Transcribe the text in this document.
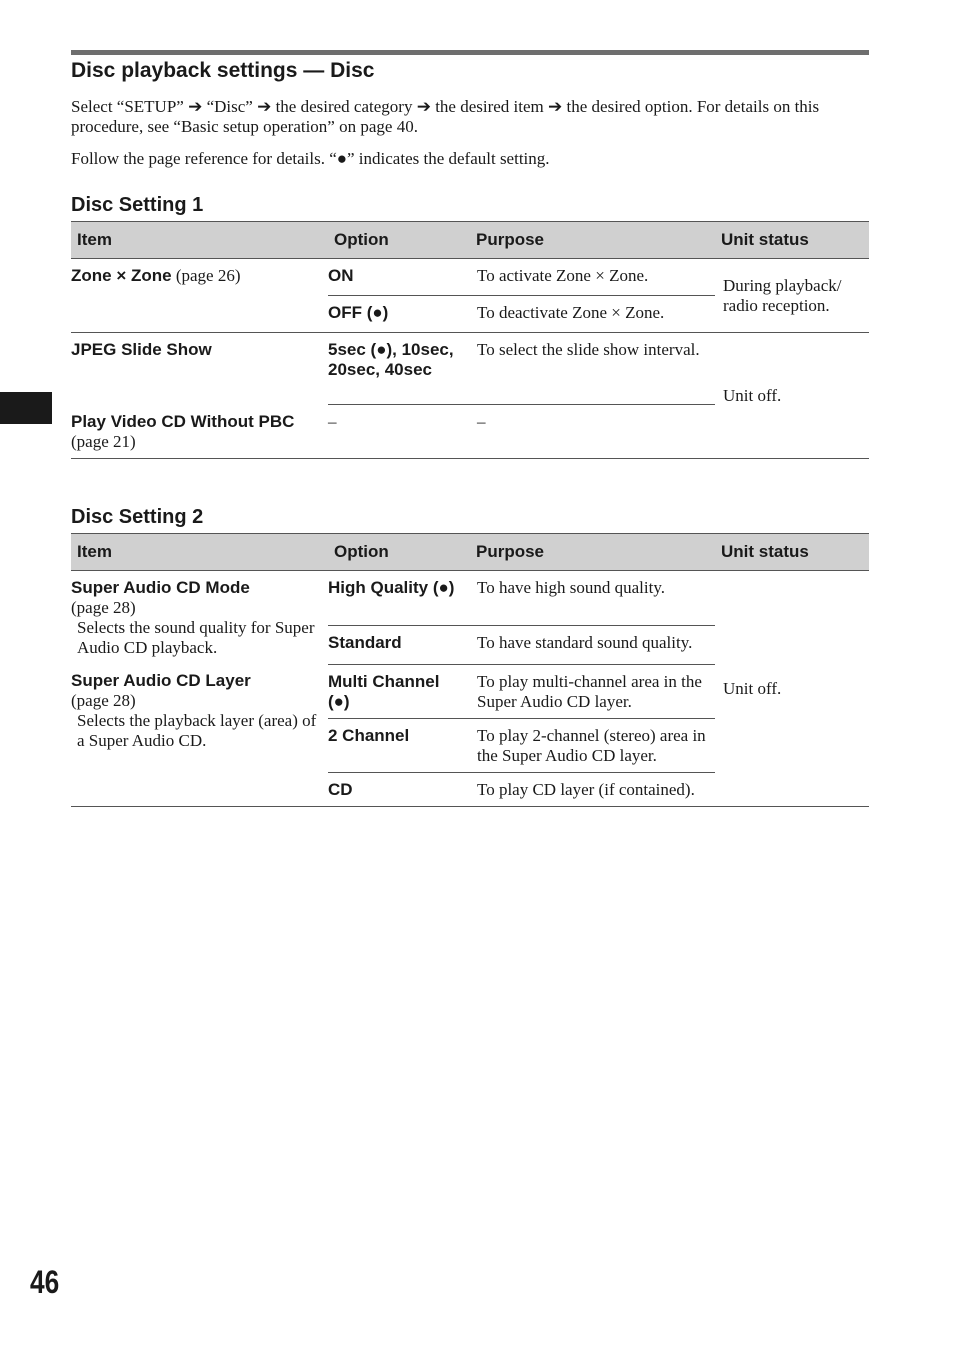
Disc playback settings — Disc

Select “SETUP” ➔ “Disc” ➔ the desired category ➔ the desired item ➔ the desired option. For details on this procedure, see “Basic setup operation” on page 40.

Follow the page reference for details. “●” indicates the default setting.

Disc Setting 1
Item	Option	Purpose	Unit status
Zone × Zone (page 26)	ON	To activate Zone × Zone.	During playback/ radio reception.
	OFF (●)	To deactivate Zone × Zone.	
JPEG Slide Show	5sec (●), 10sec, 20sec, 40sec	To select the slide show interval.	Unit off.
Play Video CD Without PBC (page 21)	–	–	
Disc Setting 2
Item	Option	Purpose	Unit status
Super Audio CD Mode
(page 28)
Selects the sound quality for Super Audio CD playback.	High Quality (●)	To have high sound quality.	Unit off.
	Standard	To have standard sound quality.	
Super Audio CD Layer
(page 28)
Selects the playback layer (area) of a Super Audio CD.	Multi Channel (●)	To play multi-channel area in the Super Audio CD layer.	
	2 Channel	To play 2-channel (stereo) area in the Super Audio CD layer.	
	CD	To play CD layer (if contained).	

46
